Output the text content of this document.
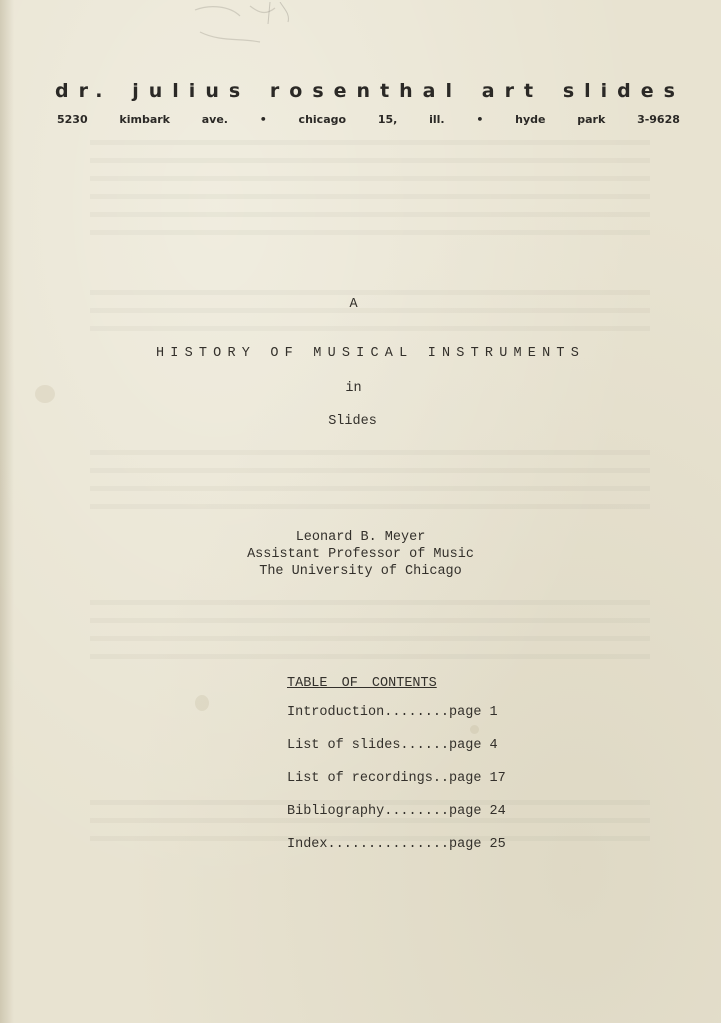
dr. julius rosenthal art slides
5230	kimbark	ave.	•	chicago	15,	ill.	•	hyde	park	3-9628
A
HISTORY OF MUSICAL INSTRUMENTS
in
Slides
Leonard B. Meyer
Assistant Professor of Music
The University of Chicago
TABLE OF CONTENTS
Introduction........page 1
List of slides......page 4
List of recordings..page 17
Bibliography........page 24
Index...............page 25
